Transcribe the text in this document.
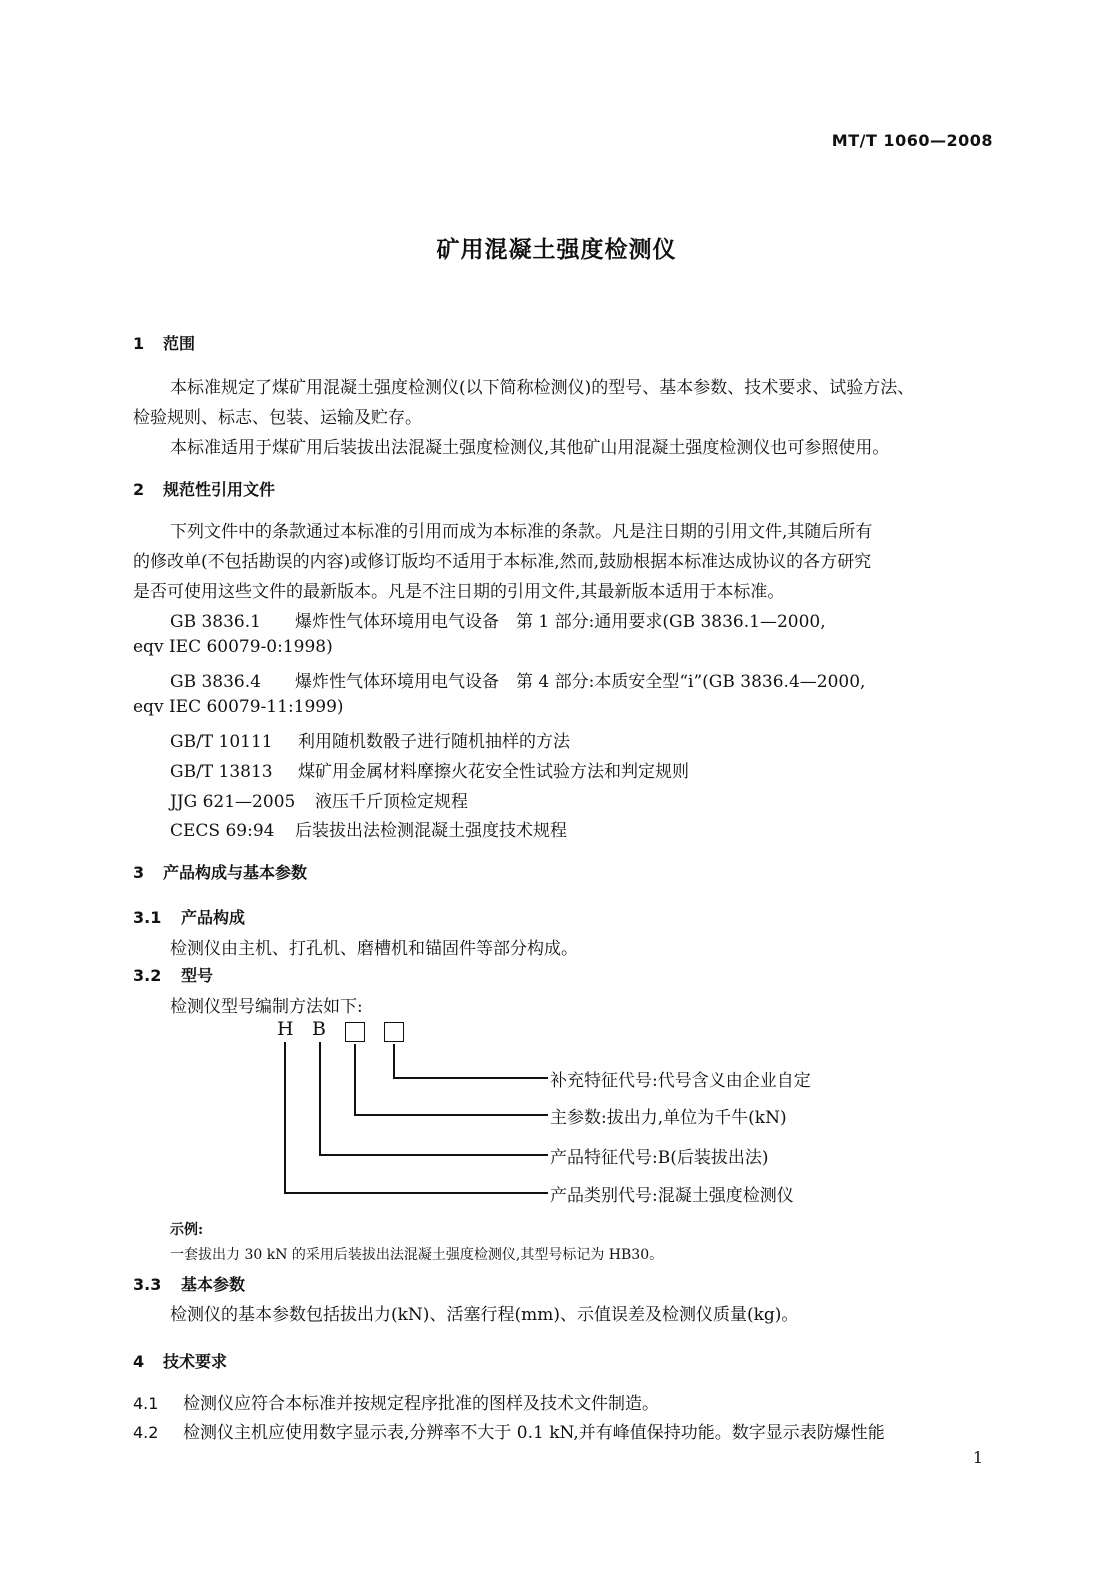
MT/T 1060—2008
矿用混凝土强度检测仪
1 范围
本标准规定了煤矿用混凝土强度检测仪(以下简称检测仪)的型号、基本参数、技术要求、试验方法、
检验规则、标志、包装、运输及贮存。
本标准适用于煤矿用后装拔出法混凝土强度检测仪,其他矿山用混凝土强度检测仪也可参照使用。
2 规范性引用文件
下列文件中的条款通过本标准的引用而成为本标准的条款。凡是注日期的引用文件,其随后所有
的修改单(不包括勘误的内容)或修订版均不适用于本标准,然而,鼓励根据本标准达成协议的各方研究
是否可使用这些文件的最新版本。凡是不注日期的引用文件,其最新版本适用于本标准。
GB 3836.1 爆炸性气体环境用电气设备　第 1 部分:通用要求(GB 3836.1—2000,
eqv IEC 60079-0:1998)
GB 3836.4 爆炸性气体环境用电气设备　第 4 部分:本质安全型“i”(GB 3836.4—2000,
eqv IEC 60079-11:1999)
GB/T 10111 利用随机数骰子进行随机抽样的方法
GB/T 13813 煤矿用金属材料摩擦火花安全性试验方法和判定规则
JJG 621—2005 液压千斤顶检定规程
CECS 69:94 后装拔出法检测混凝土强度技术规程
3 产品构成与基本参数
3.1 产品构成
检测仪由主机、打孔机、磨槽机和锚固件等部分构成。
3.2 型号
检测仪型号编制方法如下:
H B
补充特征代号:代号含义由企业自定
主参数:拔出力,单位为千牛(kN)
产品特征代号:B(后装拔出法)
产品类别代号:混凝土强度检测仪
示例:
一套拔出力 30 kN 的采用后装拔出法混凝土强度检测仪,其型号标记为 HB30。
3.3 基本参数
检测仪的基本参数包括拔出力(kN)、活塞行程(mm)、示值误差及检测仪质量(kg)。
4 技术要求
4.1 检测仪应符合本标准并按规定程序批准的图样及技术文件制造。
4.2 检测仪主机应使用数字显示表,分辨率不大于 0.1 kN,并有峰值保持功能。数字显示表防爆性能
1
